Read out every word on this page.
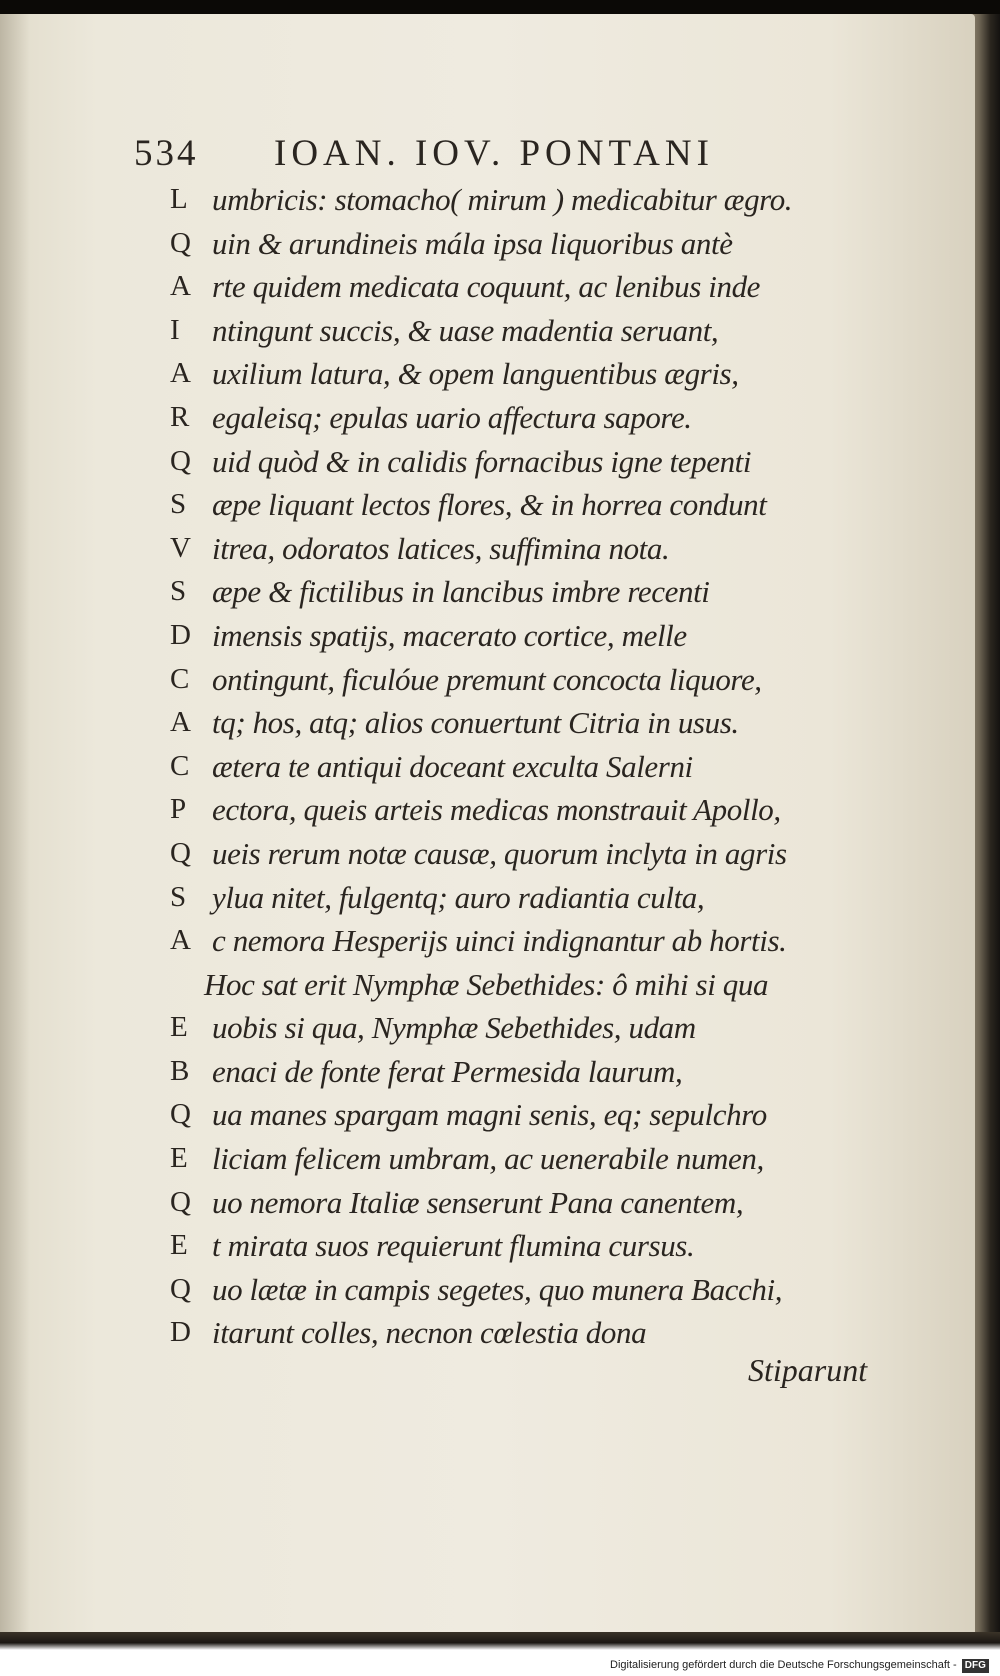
534 IOAN. IOV. PONTANI
L umbricis: stomacho( mirum ) medicabitur ægro.
Q uin & arundineis mála ipsa liquoribus antè
A rte quidem medicata coquunt, ac lenibus inde
I ntingunt succis, & uase madentia seruant,
A uxilium latura, & opem languentibus ægris,
R egaleisq; epulas uario affectura sapore.
Q uid quòd & in calidis fornacibus igne tepenti
S æpe liquant lectos flores, & in horrea condunt
V itrea, odoratos latices, suffimina nota.
S æpe & fictilibus in lancibus imbre recenti
D imensis spatijs, macerato cortice, melle
C ontingunt, ficulóue premunt concocta liquore,
A tq; hos, atq; alios conuertunt Citria in usus.
C ætera te antiqui doceant exculta Salerni
P ectora, queis arteis medicas monstrauit Apollo,
Q ueis rerum notæ causæ, quorum inclyta in agris
S ylua nitet, fulgentq; auro radiantia culta,
A c nemora Hesperijs uinci indignantur ab hortis.
Hoc sat erit Nymphæ Sebethides: ô mihi si qua
E uobis si qua, Nymphæ Sebethides, udam
B enaci de fonte ferat Permesida laurum,
Q ua manes spargam magni senis, eq; sepulchro
E liciam felicem umbram, ac uenerabile numen,
Q uo nemora Italiæ senserunt Pana canentem,
E t mirata suos requierunt flumina cursus.
Q uo lætæ in campis segetes, quo munera Bacchi,
D itarunt colles, necnon cœlestia dona
Stiparunt
Digitalisierung gefördert durch die Deutsche Forschungsgemeinschaft - DFG
